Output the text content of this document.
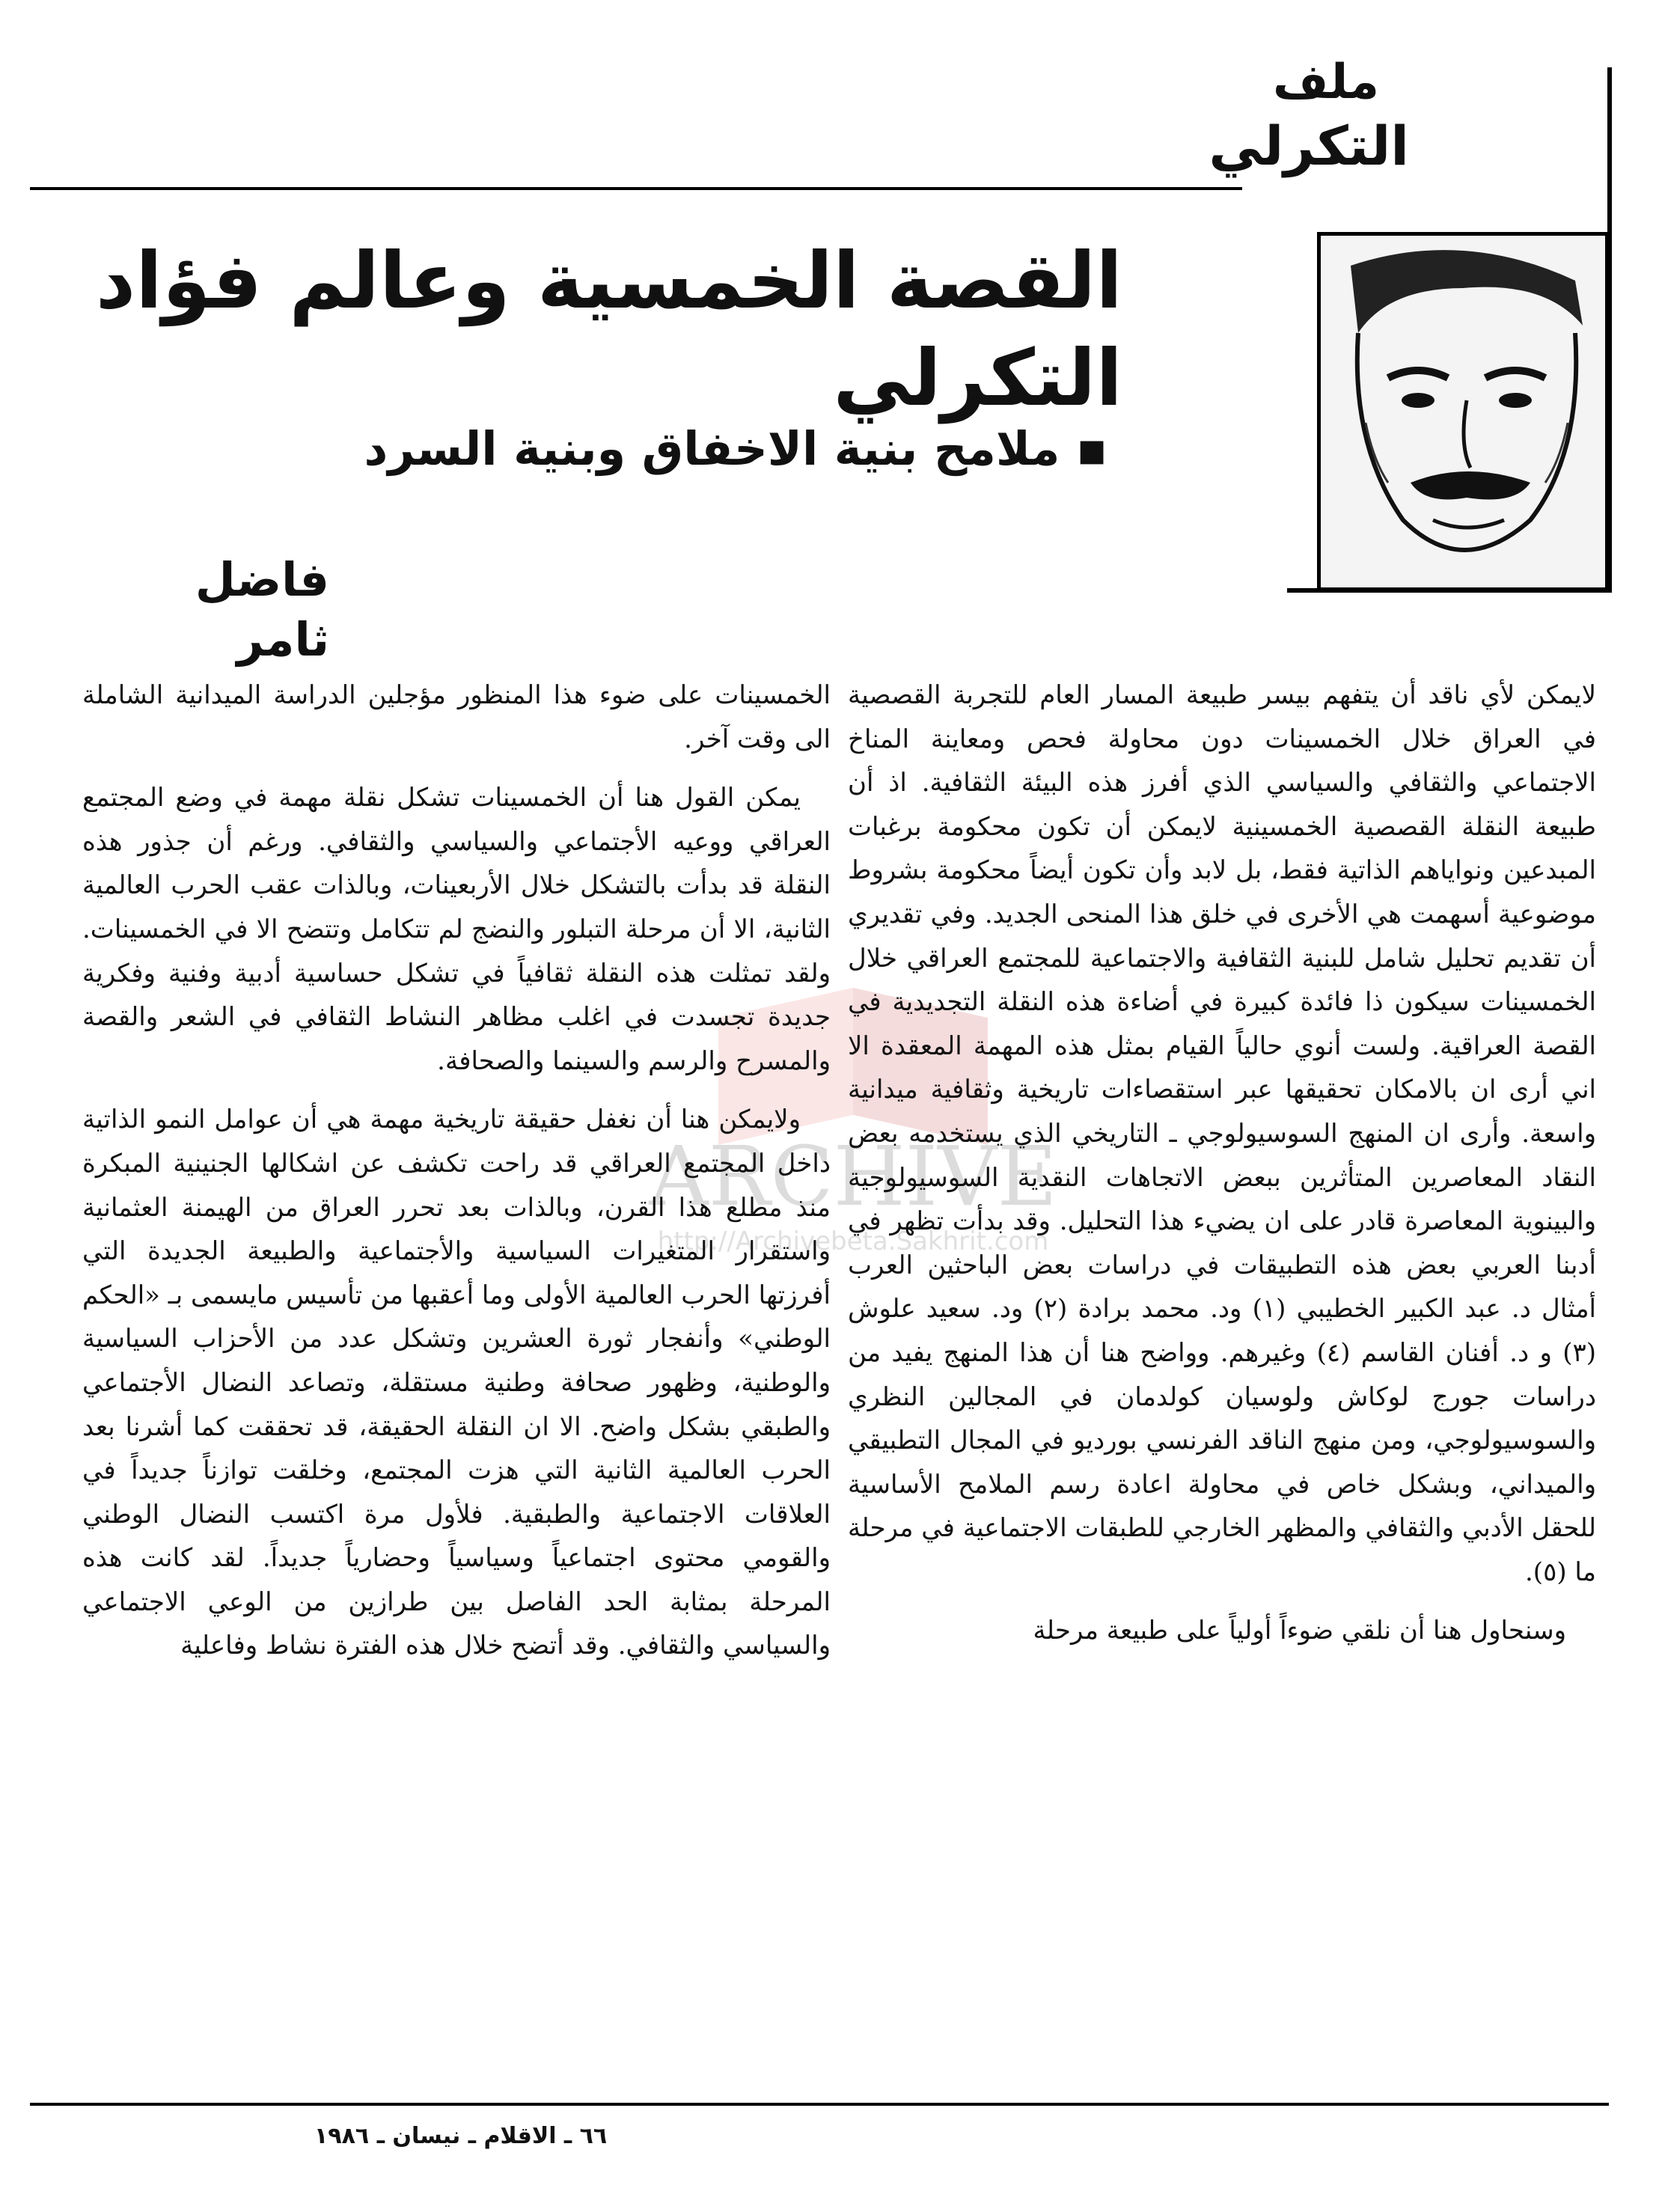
ملف
التكرلي
القصة الخمسية وعالم فؤاد التكرلي
▪ ملامح بنية الاخفاق وبنية السرد
فاضل ثامر
ARCHIVE
http://Archivebeta.Sakhrit.com

لايمكن لأي ناقد أن يتفهم بيسر طبيعة المسار العام للتجربة القصصية في العراق خلال الخمسينات دون محاولة فحص ومعاينة المناخ الاجتماعي والثقافي والسياسي الذي أفرز هذه البيئة الثقافية. اذ أن طبيعة النقلة القصصية الخمسينية لايمكن أن تكون محكومة برغبات المبدعين ونواياهم الذاتية فقط، بل لابد وأن تكون أيضاً محكومة بشروط موضوعية أسهمت هي الأخرى في خلق هذا المنحى الجديد. وفي تقديري أن تقديم تحليل شامل للبنية الثقافية والاجتماعية للمجتمع العراقي خلال الخمسينات سيكون ذا فائدة كبيرة في أضاءة هذه النقلة التجديدية في القصة العراقية. ولست أنوي حالياً القيام بمثل هذه المهمة المعقدة الا اني أرى ان بالامكان تحقيقها عبر استقصاءات تاريخية وثقافية ميدانية واسعة. وأرى ان المنهج السوسيولوجي ـ التاريخي الذي يستخدمه بعض النقاد المعاصرين المتأثرين ببعض الاتجاهات النقدية السوسيولوجية والبينوية المعاصرة قادر على ان يضيء هذا التحليل. وقد بدأت تظهر في أدبنا العربي بعض هذه التطبيقات في دراسات بعض الباحثين العرب أمثال د. عبد الكبير الخطيبي (١) ود. محمد برادة (٢) ود. سعيد علوش (٣) و د. أفنان القاسم (٤) وغيرهم. وواضح هنا أن هذا المنهج يفيد من دراسات جورج لوكاش ولوسيان كولدمان في المجالين النظري والسوسيولوجي، ومن منهج الناقد الفرنسي بورديو في المجال التطبيقي والميداني، وبشكل خاص في محاولة اعادة رسم الملامح الأساسية للحقل الأدبي والثقافي والمظهر الخارجي للطبقات الاجتماعية في مرحلة ما (٥).

وسنحاول هنا أن نلقي ضوءاً أولياً على طبيعة مرحلة

الخمسينات على ضوء هذا المنظور مؤجلين الدراسة الميدانية الشاملة الى وقت آخر.

يمكن القول هنا أن الخمسينات تشكل نقلة مهمة في وضع المجتمع العراقي ووعيه الأجتماعي والسياسي والثقافي. ورغم أن جذور هذه النقلة قد بدأت بالتشكل خلال الأربعينات، وبالذات عقب الحرب العالمية الثانية، الا أن مرحلة التبلور والنضج لم تتكامل وتتضح الا في الخمسينات. ولقد تمثلت هذه النقلة ثقافياً في تشكل حساسية أدبية وفنية وفكرية جديدة تجسدت في اغلب مظاهر النشاط الثقافي في الشعر والقصة والمسرح والرسم والسينما والصحافة.

ولايمكن هنا أن نغفل حقيقة تاريخية مهمة هي أن عوامل النمو الذاتية داخل المجتمع العراقي قد راحت تكشف عن اشكالها الجنينية المبكرة منذ مطلع هذا القرن، وبالذات بعد تحرر العراق من الهيمنة العثمانية واستقرار المتغيرات السياسية والأجتماعية والطبيعة الجديدة التي أفرزتها الحرب العالمية الأولى وما أعقبها من تأسيس مايسمى بـ «الحكم الوطني» وأنفجار ثورة العشرين وتشكل عدد من الأحزاب السياسية والوطنية، وظهور صحافة وطنية مستقلة، وتصاعد النضال الأجتماعي والطبقي بشكل واضح. الا ان النقلة الحقيقة، قد تحققت كما أشرنا بعد الحرب العالمية الثانية التي هزت المجتمع، وخلقت توازناً جديداً في العلاقات الاجتماعية والطبقية. فلأول مرة اكتسب النضال الوطني والقومي محتوى اجتماعياً وسياسياً وحضارياً جديداً. لقد كانت هذه المرحلة بمثابة الحد الفاصل بين طرازين من الوعي الاجتماعي والسياسي والثقافي. وقد أتضح خلال هذه الفترة نشاط وفاعلية

٦٦ ـ الاقلام ـ نيسان ـ ١٩٨٦
